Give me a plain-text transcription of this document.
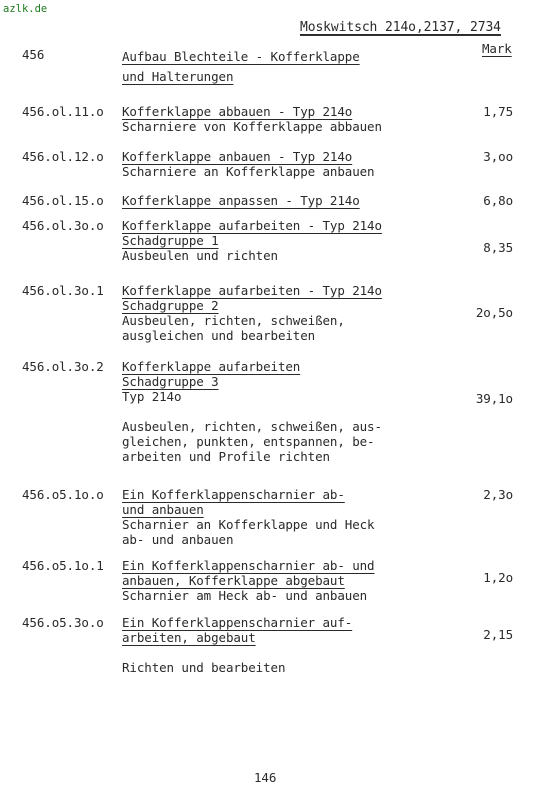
azlk.de
Moskwitsch 214o,2137, 2734
Mark
456	Aufbau Blechteile - Kofferklappe
und Halterungen
456.ol.11.o Kofferklappe abbauen - Typ 214o
Scharniere von Kofferklappe abbauen
1,75
456.ol.12.o Kofferklappe anbauen - Typ 214o
Scharniere an Kofferklappe anbauen
3,oo
456.ol.15.o Kofferklappe anpassen - Typ 214o	6,8o
456.ol.3o.o Kofferklappe aufarbeiten - Typ 214o
Schadgruppe 1
Ausbeulen und richten
8,35
456.ol.3o.1 Kofferklappe aufarbeiten - Typ 214o
Schadgruppe 2
Ausbeulen, richten, schweißen,
ausgleichen und bearbeiten
2o,5o
456.ol.3o.2 Kofferklappe aufarbeiten
Schadgruppe 3
Typ 214o
Ausbeulen, richten, schweißen, aus-
gleichen, punkten, entspannen, be-
arbeiten und Profile richten
39,1o
456.o5.1o.o Ein Kofferklappenscharnier ab-
und anbauen
Scharnier an Kofferklappe und Heck
ab- und anbauen
2,3o
456.o5.1o.1 Ein Kofferklappenscharnier ab- und
anbauen, Kofferklappe abgebaut
Scharnier am Heck ab- und anbauen
1,2o
456.o5.3o.o Ein Kofferklappenscharnier auf-
arbeiten, abgebaut
Richten und bearbeiten
2,15
146
